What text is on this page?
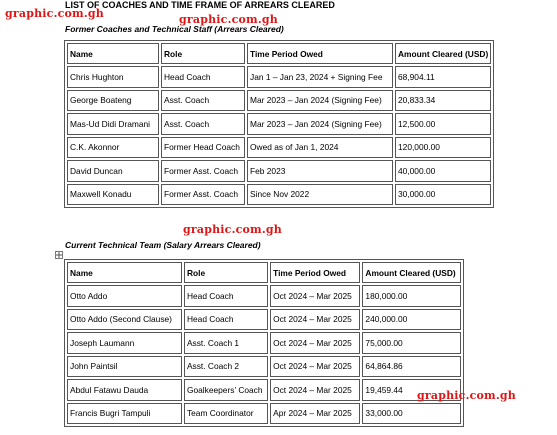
graphic.com.gh
LIST OF COACHES AND TIME FRAME OF ARREARS CLEARED
graphic.com.gh
Former Coaches and Technical Staff (Arrears Cleared)
Name	Role	Time Period Owed	Amount Cleared (USD)
Chris Hughton	Head Coach	Jan 1 – Jan 23, 2024 + Signing Fee	68,904.11
George Boateng	Asst. Coach	Mar 2023 – Jan 2024 (Signing Fee)	20,833.34
Mas-Ud Didi Dramani	Asst. Coach	Mar 2023 – Jan 2024 (Signing Fee)	12,500.00
C.K. Akonnor	Former Head Coach	Owed as of Jan 1, 2024	120,000.00
David Duncan	Former Asst. Coach	Feb 2023	40,000.00
Maxwell Konadu	Former Asst. Coach	Since Nov 2022	30,000.00
graphic.com.gh
Current Technical Team (Salary Arrears Cleared)
Name	Role	Time Period Owed	Amount Cleared (USD)
Otto Addo	Head Coach	Oct 2024 – Mar 2025	180,000.00
Otto Addo (Second Clause)	Head Coach	Oct 2024 – Mar 2025	240,000.00
Joseph Laumann	Asst. Coach 1	Oct 2024 – Mar 2025	75,000.00
John Paintsil	Asst. Coach 2	Oct 2024 – Mar 2025	64,864.86
Abdul Fatawu Dauda	Goalkeepers’ Coach	Oct 2024 – Mar 2025	19,459.44
Francis Bugri Tampuli	Team Coordinator	Apr 2024 – Mar 2025	33,000.00
graphic.com.gh
